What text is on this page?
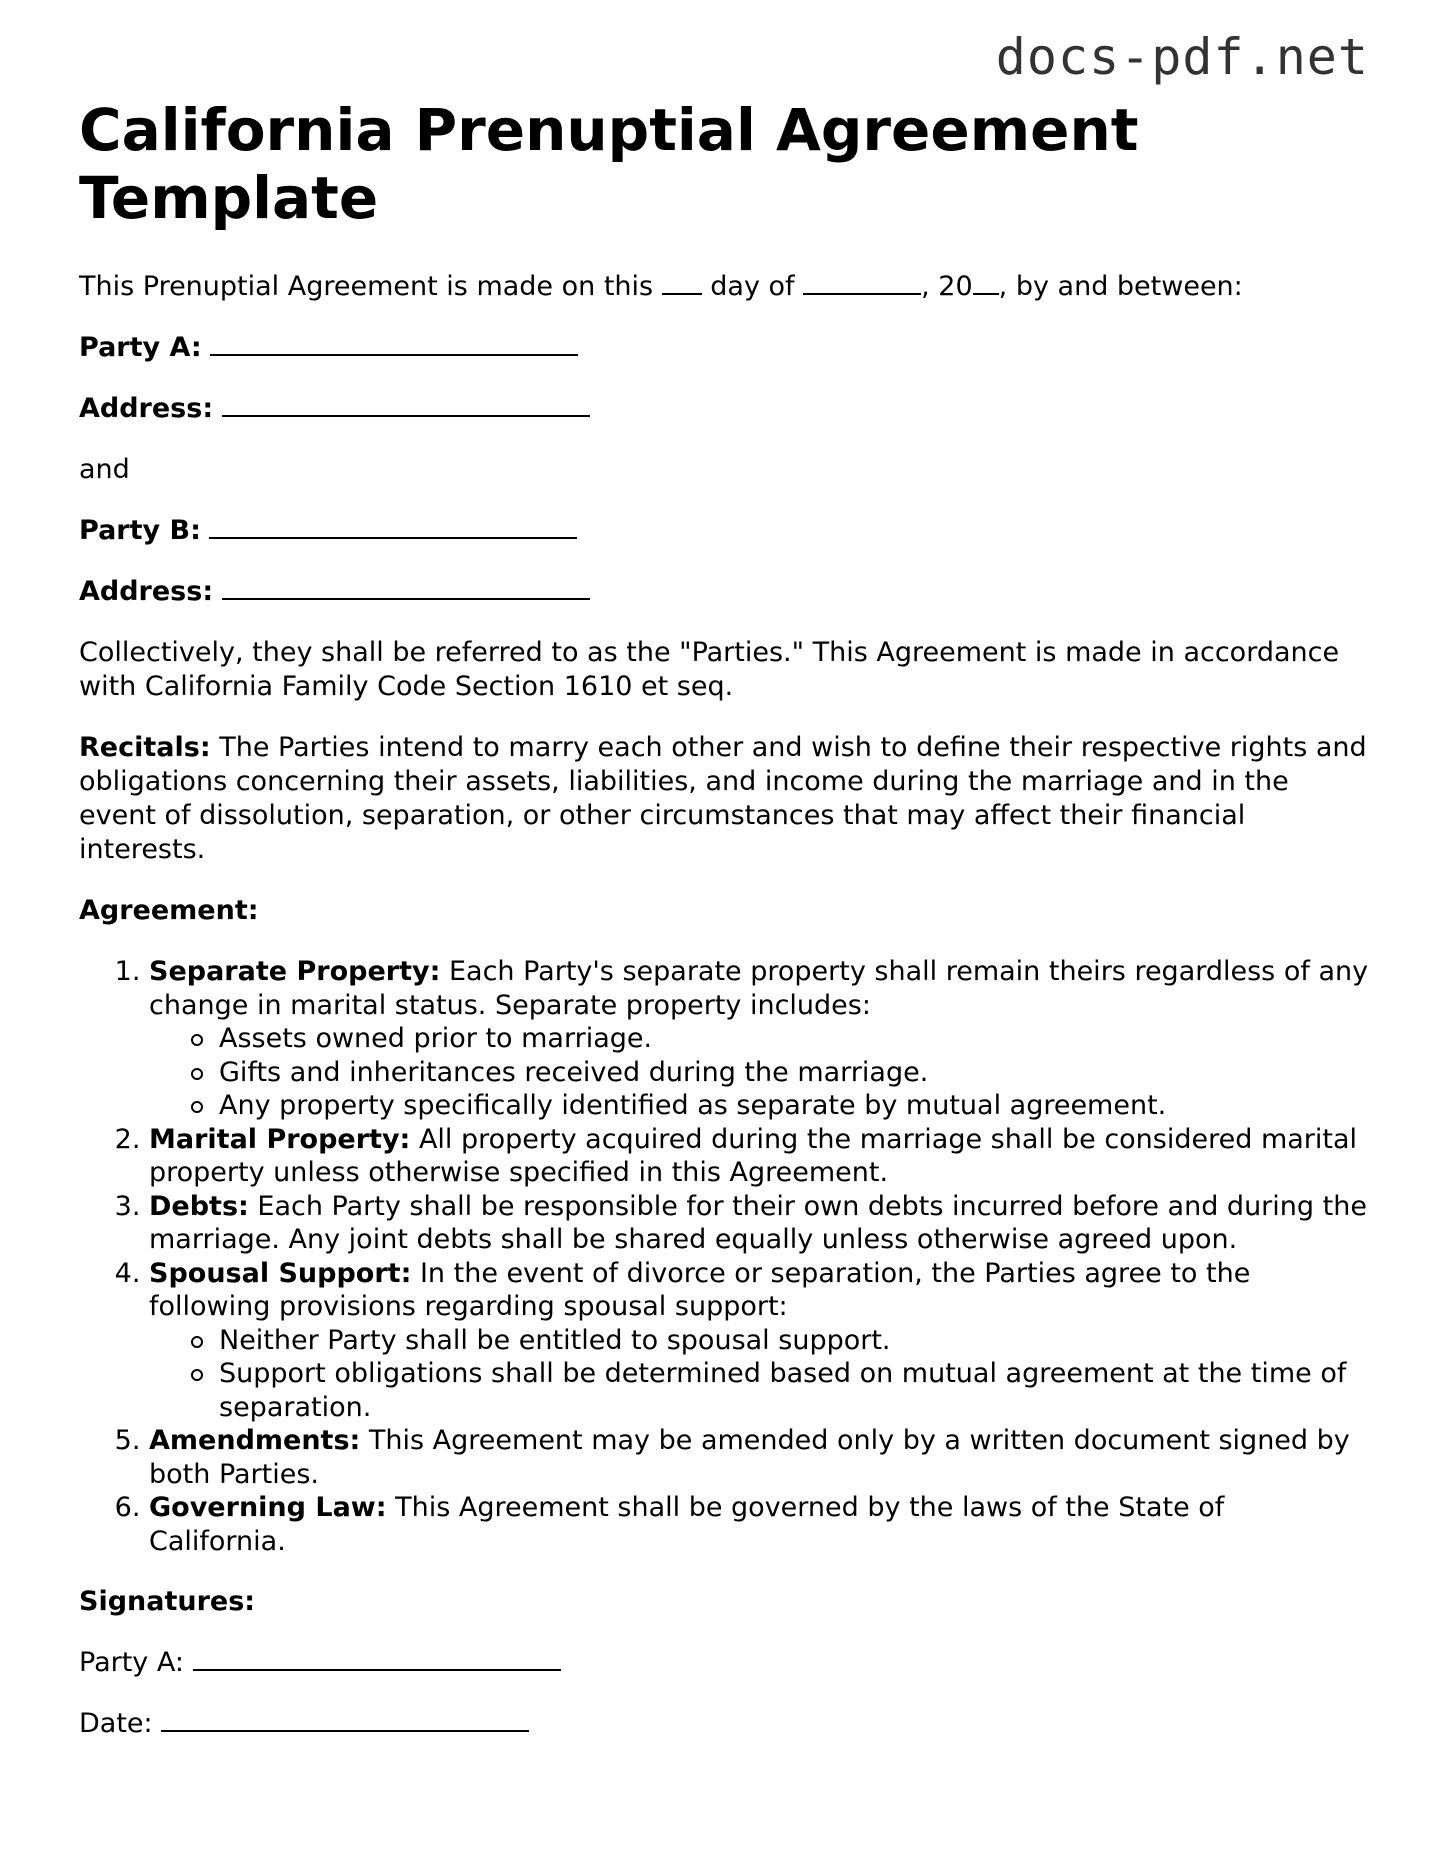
docs-pdf.net

California Prenuptial Agreement
Template

This Prenuptial Agreement is made on this  day of	, 20 , by and between:

Party A:

Address:

and

Party B:

Address:

Collectively, they shall be referred to as the "Parties." This Agreement is made in accordance with California Family Code Section 1610 et seq.

Recitals: The Parties intend to marry each other and wish to define their respective rights and obligations concerning their assets, liabilities, and income during the marriage and in the event of dissolution, separation, or other circumstances that may affect their financial interests.

Agreement:

1. Separate Property: Each Party's separate property shall remain theirs regardless of any change in marital status. Separate property includes:
Assets owned prior to marriage.
Gifts and inheritances received during the marriage.
Any property specifically identified as separate by mutual agreement.
2. Marital Property: All property acquired during the marriage shall be considered marital property unless otherwise specified in this Agreement.
3. Debts: Each Party shall be responsible for their own debts incurred before and during the marriage. Any joint debts shall be shared equally unless otherwise agreed upon.
4. Spousal Support: In the event of divorce or separation, the Parties agree to the following provisions regarding spousal support:
Neither Party shall be entitled to spousal support.
Support obligations shall be determined based on mutual agreement at the time of separation.
5. Amendments: This Agreement may be amended only by a written document signed by both Parties.
6. Governing Law: This Agreement shall be governed by the laws of the State of California.

Signatures:

Party A:

Date:
